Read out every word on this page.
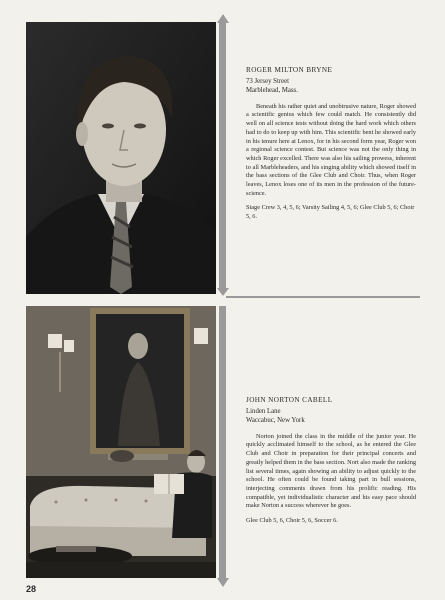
ROGER MILTON BRYNE
73 Jersey Street
Marblehead, Mass.

Beneath his rather quiet and unobtrusive nature, Roger showed a scientific genius which few could match. He consistently did well on all science tests without doing the hard work which others had to do to keep up with him. This scientific bent he showed early in his tenure here at Lenox, for in his second form year, Roger won a regional science contest. But science was not the only thing in which Roger excelled. There was also his sailing prowess, inherent to all Marbleheaders, and his singing ability which showed itself in the bass sections of the Glee Club and Choir. Thus, when Roger leaves, Lenox loses one of its men in the profession of the future-science.

Stage Crew 3, 4, 5, 6; Varsity Sailing 4, 5, 6; Glee Club 5, 6; Choir 5, 6.

JOHN NORTON CABELL
Linden Lane
Waccabuc, New York

Norton joined the class in the middle of the junior year. He quickly acclimated himself to the school, as he entered the Glee Club and Choir in preparation for their principal concerts and greatly helped them in the bass section. Nort also made the ranking list several times, again showing an ability to adjust quickly to the school. He often could be found taking part in bull sessions, interjecting comments drawn from his prolific reading. His compatible, yet individualistic character and his easy pace should make Norton a success wherever he goes.

Glee Club 5, 6, Choir 5, 6, Soccer 6.

28
